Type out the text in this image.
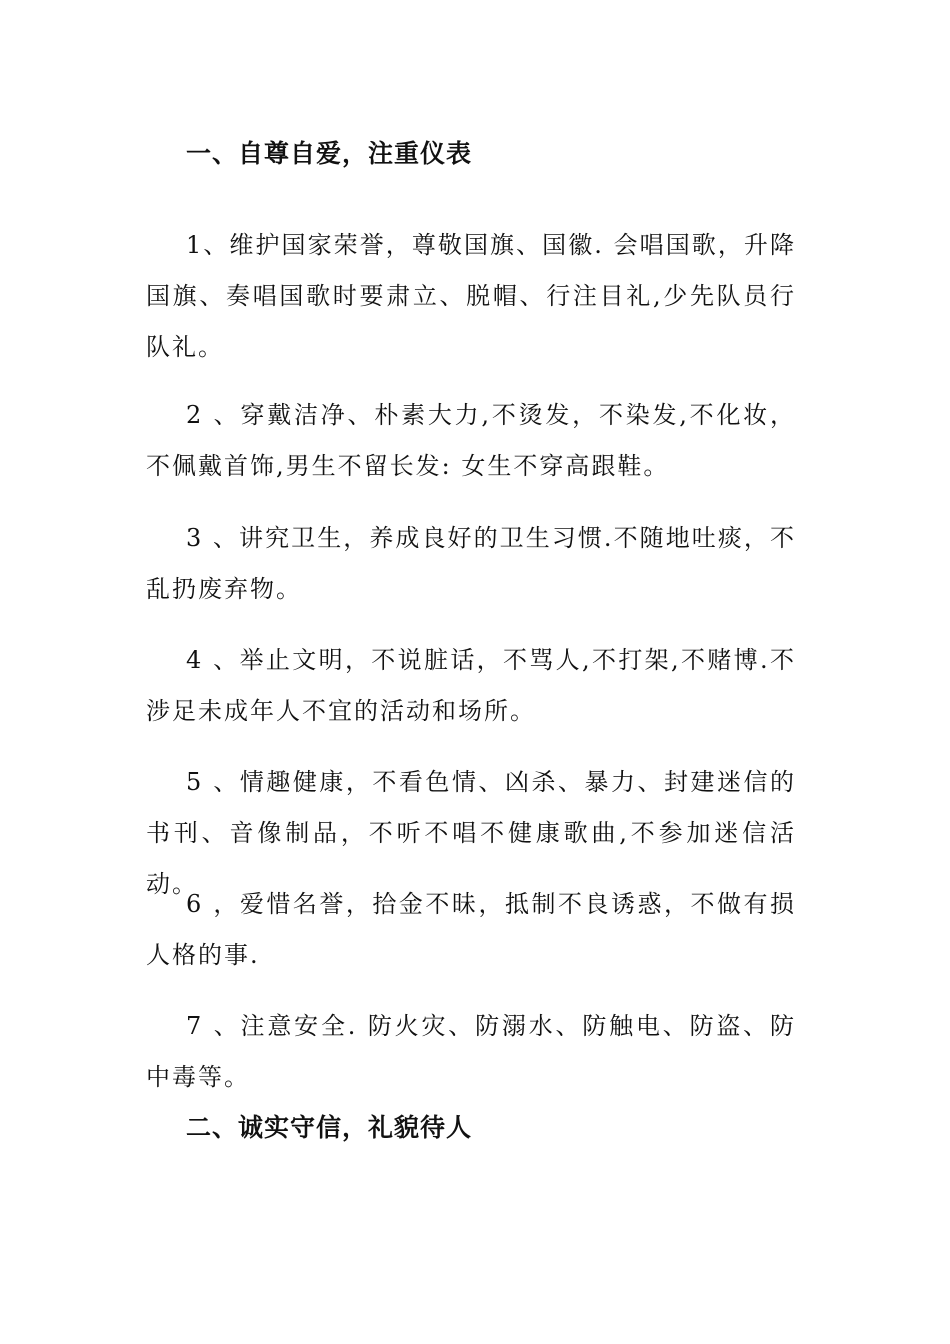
一、自尊自爱，注重仪表

1、维护国家荣誉，尊敬国旗、国徽. 会唱国歌，升降国旗、奏唱国歌时要肃立、脱帽、行注目礼,少先队员行队礼。

2 、穿戴洁净、朴素大力,不烫发，不染发,不化妆，不佩戴首饰,男生不留长发: 女生不穿高跟鞋。

3 、讲究卫生，养成良好的卫生习惯.不随地吐痰，不乱扔废弃物。

4 、举止文明，不说脏话，不骂人,不打架,不赌博.不涉足未成年人不宜的活动和场所。

5 、情趣健康，不看色情、凶杀、暴力、封建迷信的书刊、音像制品，不听不唱不健康歌曲,不参加迷信活动。

6 ，爱惜名誉，拾金不昧，抵制不良诱惑，不做有损人格的事.

7 、注意安全. 防火灾、防溺水、防触电、防盗、防中毒等。

二、诚实守信，礼貌待人
